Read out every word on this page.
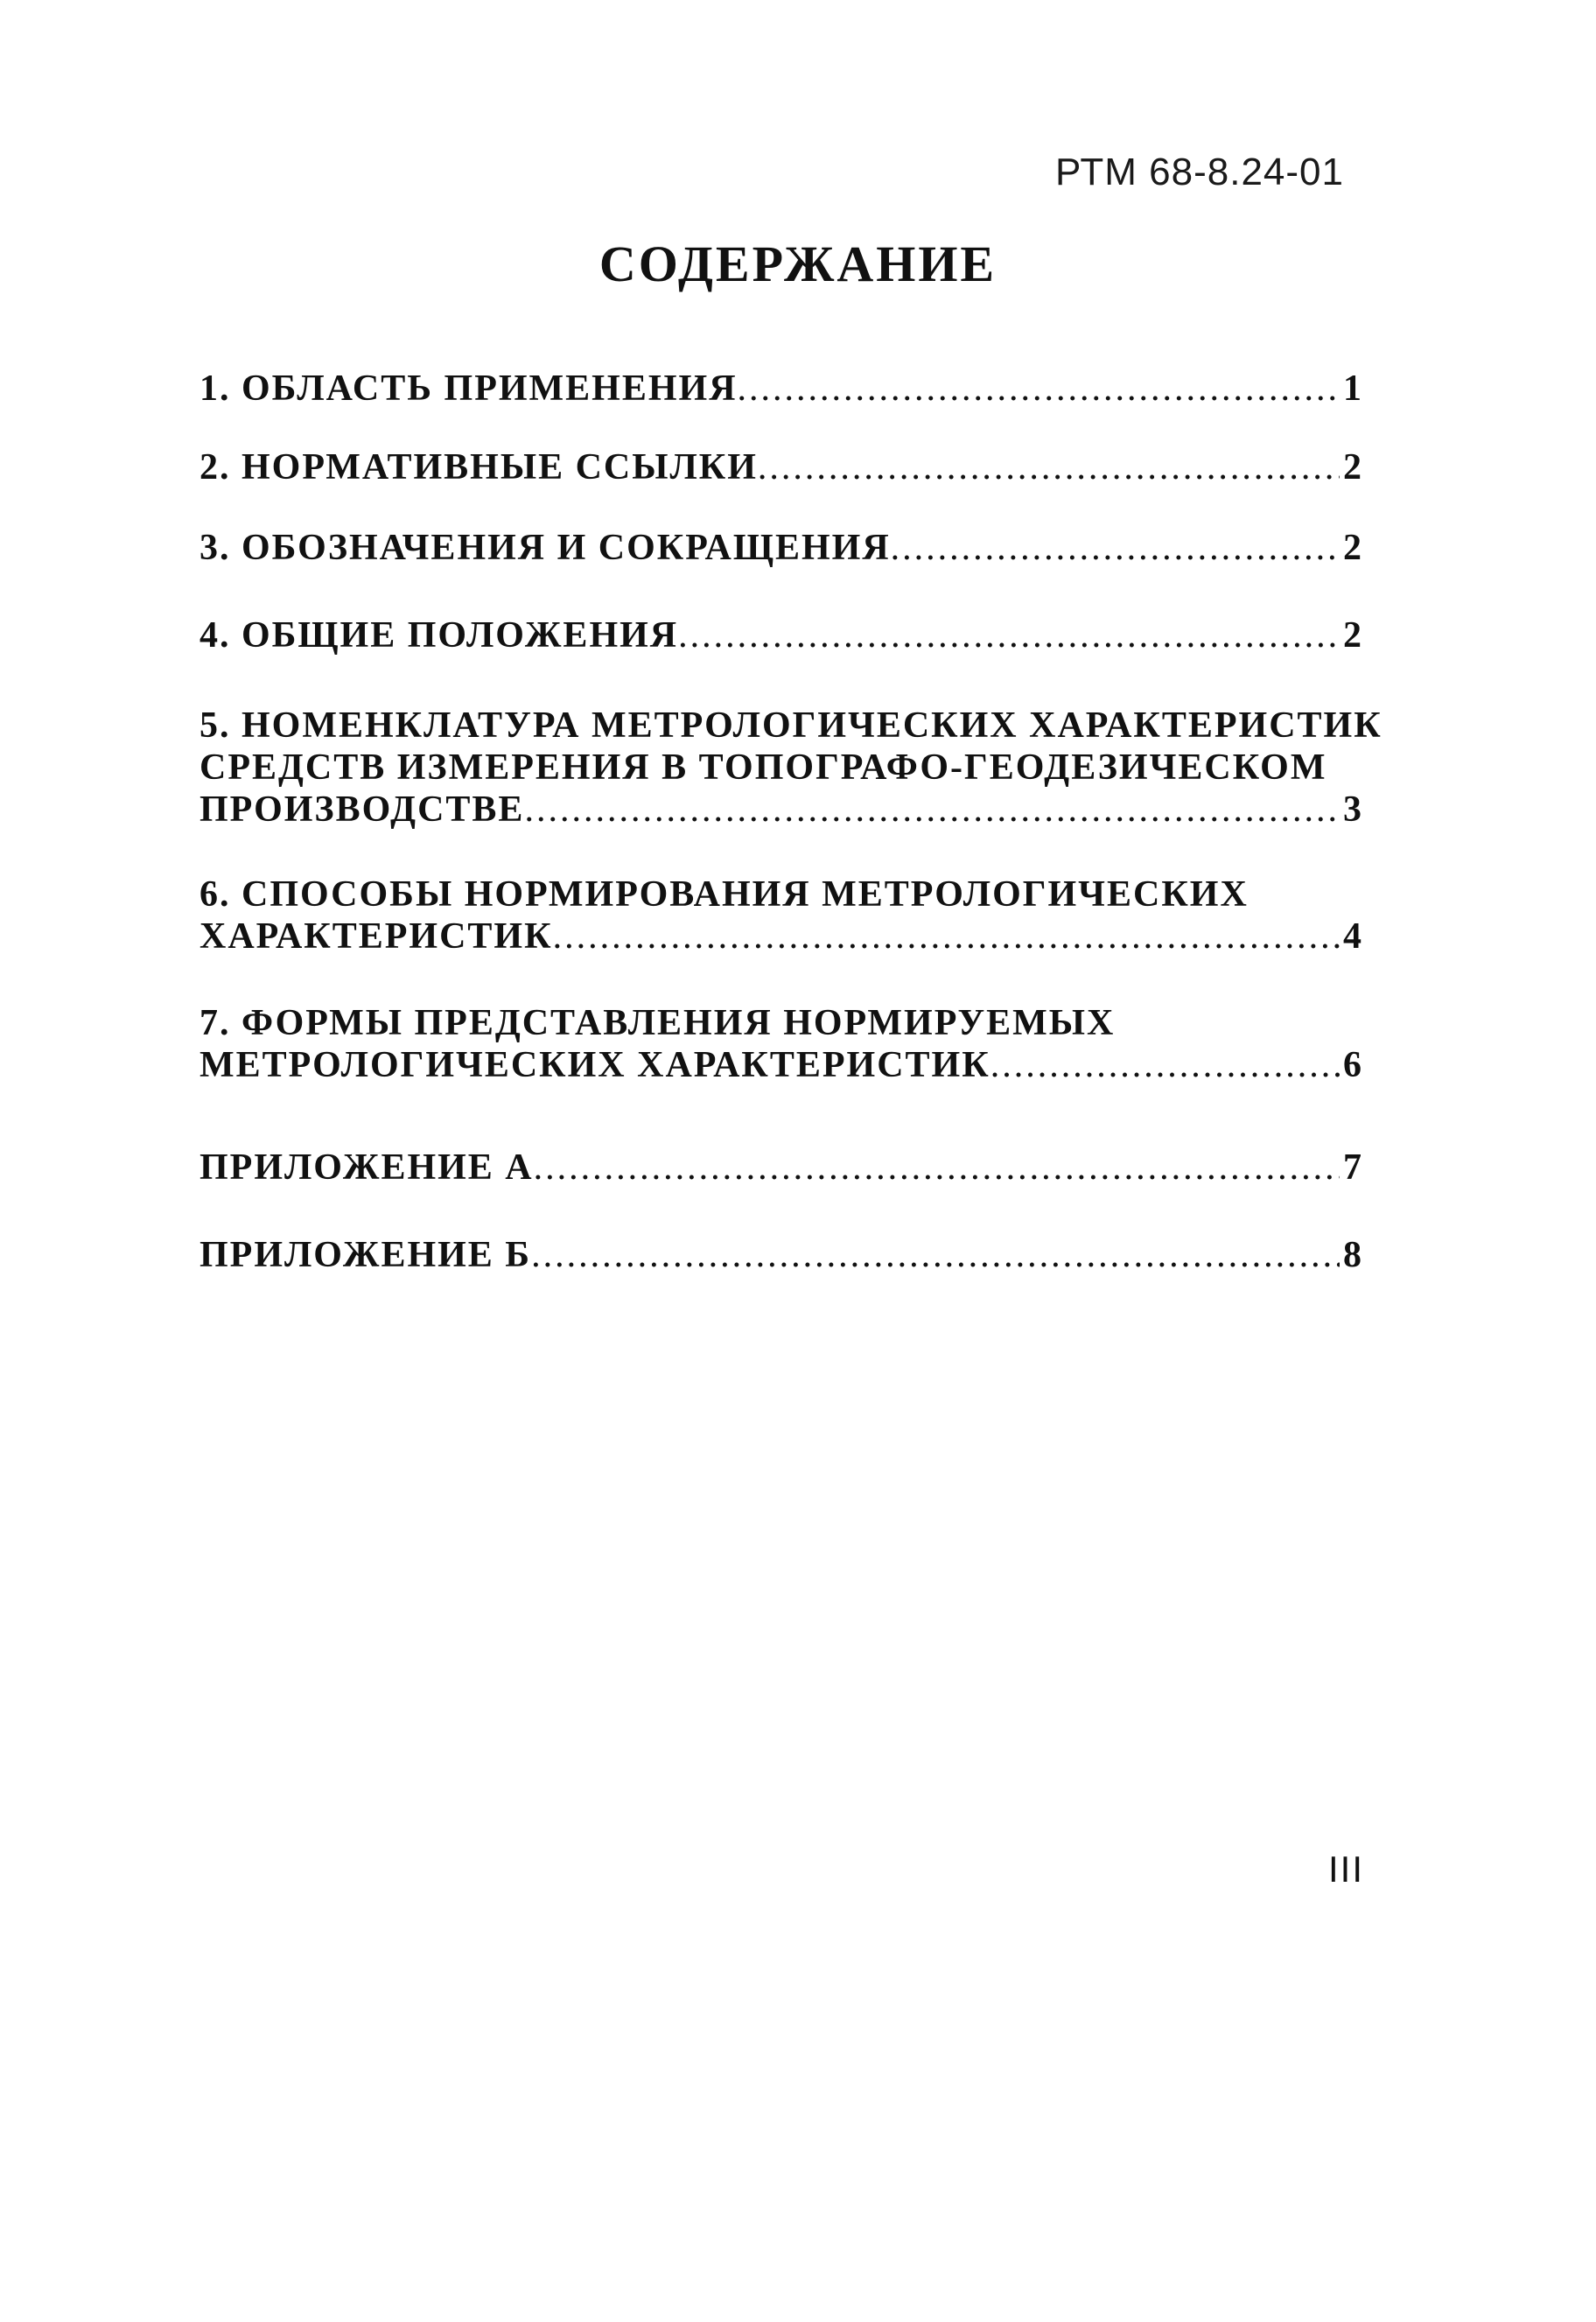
РТМ 68-8.24-01
СОДЕРЖАНИЕ
1. ОБЛАСТЬ ПРИМЕНЕНИЯ .....	1
2. НОРМАТИВНЫЕ ССЫЛКИ .....	2
3. ОБОЗНАЧЕНИЯ И СОКРАЩЕНИЯ .....	2
4. ОБЩИЕ ПОЛОЖЕНИЯ .....	2
5. НОМЕНКЛАТУРА МЕТРОЛОГИЧЕСКИХ ХАРАКТЕРИСТИК
СРЕДСТВ ИЗМЕРЕНИЯ В ТОПОГРАФО-ГЕОДЕЗИЧЕСКОМ
ПРОИЗВОДСТВЕ .....	3
6. СПОСОБЫ НОРМИРОВАНИЯ МЕТРОЛОГИЧЕСКИХ
ХАРАКТЕРИСТИК .....	4
7. ФОРМЫ ПРЕДСТАВЛЕНИЯ НОРМИРУЕМЫХ
МЕТРОЛОГИЧЕСКИХ ХАРАКТЕРИСТИК .....	6
ПРИЛОЖЕНИЕ А .....	7
ПРИЛОЖЕНИЕ Б .....	8
III
